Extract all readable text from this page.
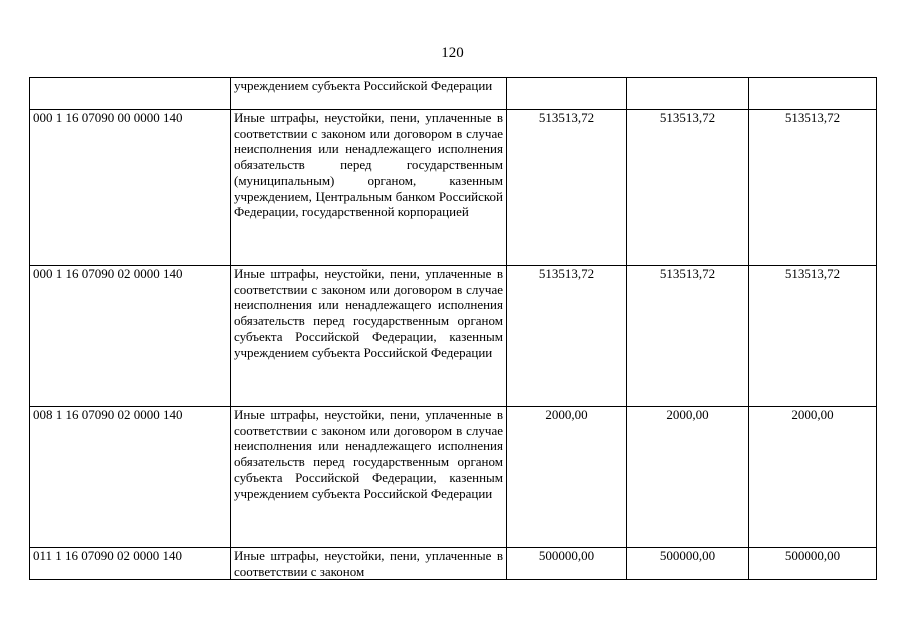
120
	учреждением субъекта Российской Федерации			
000 1 16 07090 00 0000 140	Иные штрафы, неустойки, пени, уплаченные в соответствии с законом или договором в случае неисполнения или ненадлежащего исполнения обязательств перед государственным (муниципальным) органом, казенным учреждением, Центральным банком Российской Федерации, государственной корпорацией	513513,72	513513,72	513513,72
000 1 16 07090 02 0000 140	Иные штрафы, неустойки, пени, уплаченные в соответствии с законом или договором в случае неисполнения или ненадлежащего исполнения обязательств перед государственным органом субъекта Российской Федерации, казенным учреждением субъекта Российской Федерации	513513,72	513513,72	513513,72
008 1 16 07090 02 0000 140	Иные штрафы, неустойки, пени, уплаченные в соответствии с законом или договором в случае неисполнения или ненадлежащего исполнения обязательств перед государственным органом субъекта Российской Федерации, казенным учреждением субъекта Российской Федерации	2000,00	2000,00	2000,00
011 1 16 07090 02 0000 140	Иные штрафы, неустойки, пени, уплаченные в соответствии с законом	500000,00	500000,00	500000,00
